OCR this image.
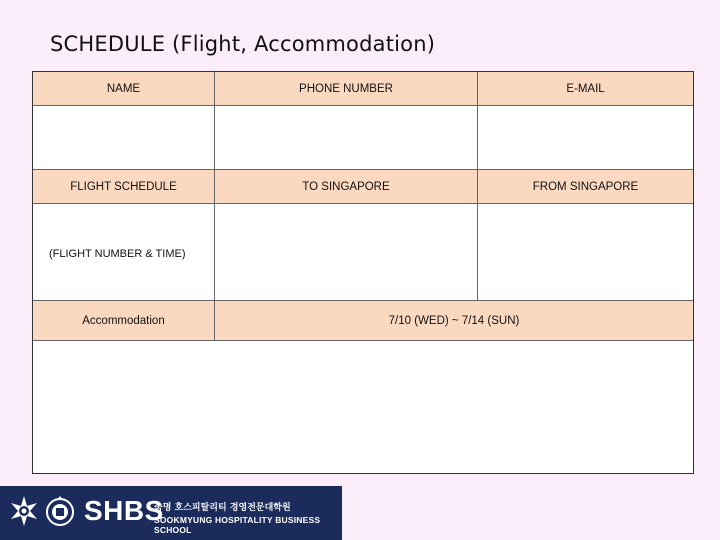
SCHEDULE (Flight, Accommodation)
NAME	PHONE NUMBER	E-MAIL
FLIGHT SCHEDULE	TO SINGAPORE	FROM SINGAPORE
(FLIGHT NUMBER & TIME)
Accommodation	7/10 (WED) ~ 7/14 (SUN)
SHBS
숙명 호스피탈리티 경영전문대학원
SOOKMYUNG HOSPITALITY BUSINESS SCHOOL
